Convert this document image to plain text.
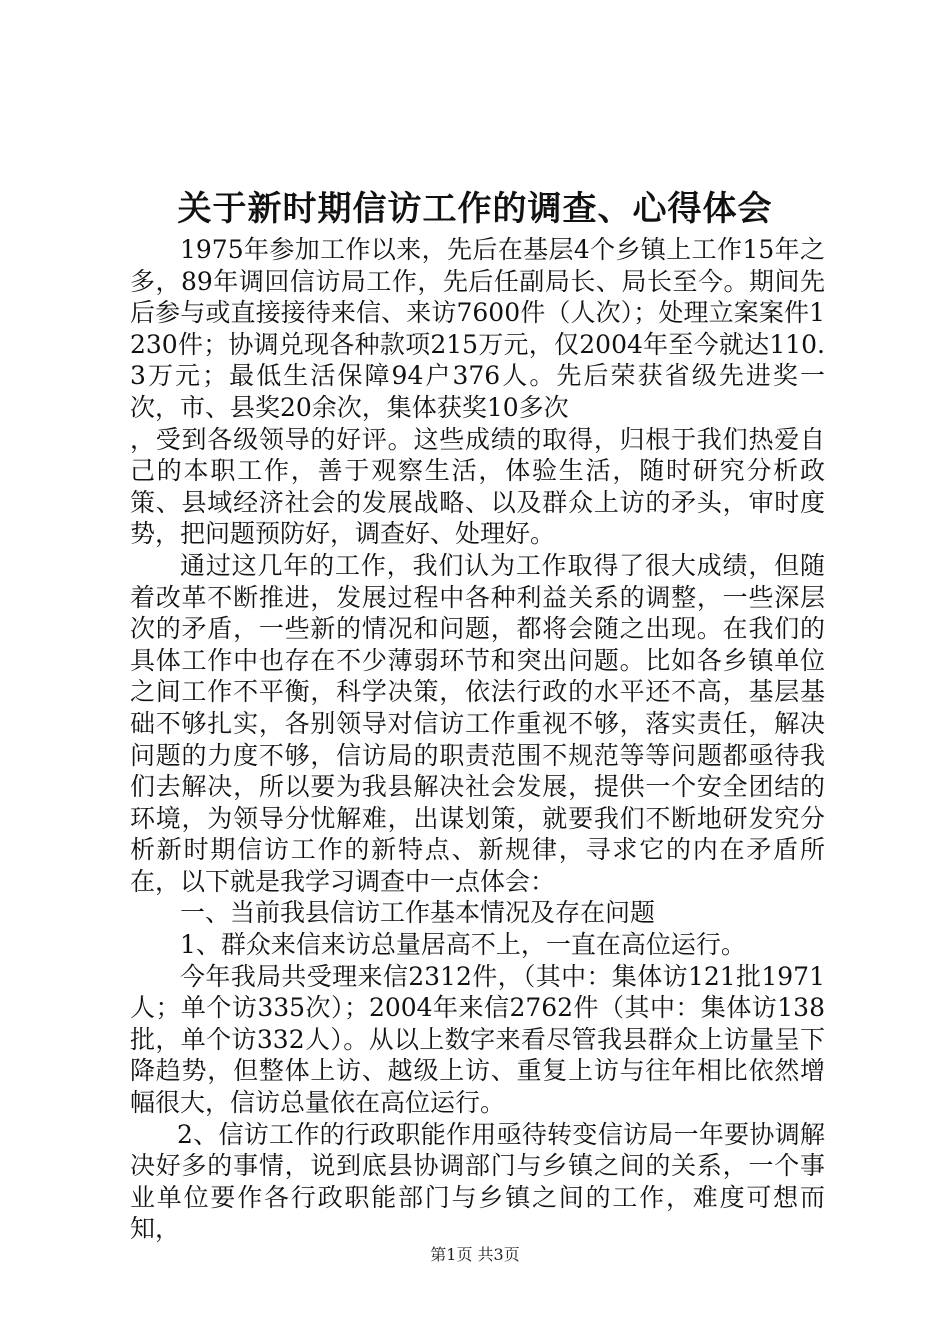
关于新时期信访工作的调查、心得体会

1975年参加工作以来，先后在基层4个乡镇上工作15年之多，89年调回信访局工作，先后任副局长、局长至今。期间先后参与或直接接待来信、来访7600件（人次）；处理立案案件1230件；协调兑现各种款项215万元，仅2004年至今就达110.3万元；最低生活保障94户376人。先后荣获省级先进奖一次，市、县奖20余次，集体获奖10多次

，受到各级领导的好评。这些成绩的取得，归根于我们热爱自己的本职工作，善于观察生活，体验生活，随时研究分析政策、县域经济社会的发展战略、以及群众上访的矛头，审时度势，把问题预防好，调查好、处理好。

通过这几年的工作，我们认为工作取得了很大成绩，但随着改革不断推进，发展过程中各种利益关系的调整，一些深层次的矛盾，一些新的情况和问题，都将会随之出现。在我们的具体工作中也存在不少薄弱环节和突出问题。比如各乡镇单位之间工作不平衡，科学决策，依法行政的水平还不高，基层基础不够扎实，各别领导对信访工作重视不够，落实责任，解决问题的力度不够，信访局的职责范围不规范等等问题都亟待我们去解决，所以要为我县解决社会发展，提供一个安全团结的环境，为领导分忧解难，出谋划策，就要我们不断地研发究分析新时期信访工作的新特点、新规律，寻求它的内在矛盾所在，以下就是我学习调查中一点体会：

一、当前我县信访工作基本情况及存在问题

1、群众来信来访总量居高不上，一直在高位运行。

今年我局共受理来信2312件，（其中：集体访121批1971人；单个访335次）；2004年来信2762件（其中：集体访138批，单个访332人）。从以上数字来看尽管我县群众上访量呈下降趋势，但整体上访、越级上访、重复上访与往年相比依然增幅很大，信访总量依在高位运行。

2、信访工作的行政职能作用亟待转变信访局一年要协调解决好多的事情，说到底县协调部门与乡镇之间的关系，一个事业单位要作各行政职能部门与乡镇之间的工作，难度可想而知，

第1页 共3页
